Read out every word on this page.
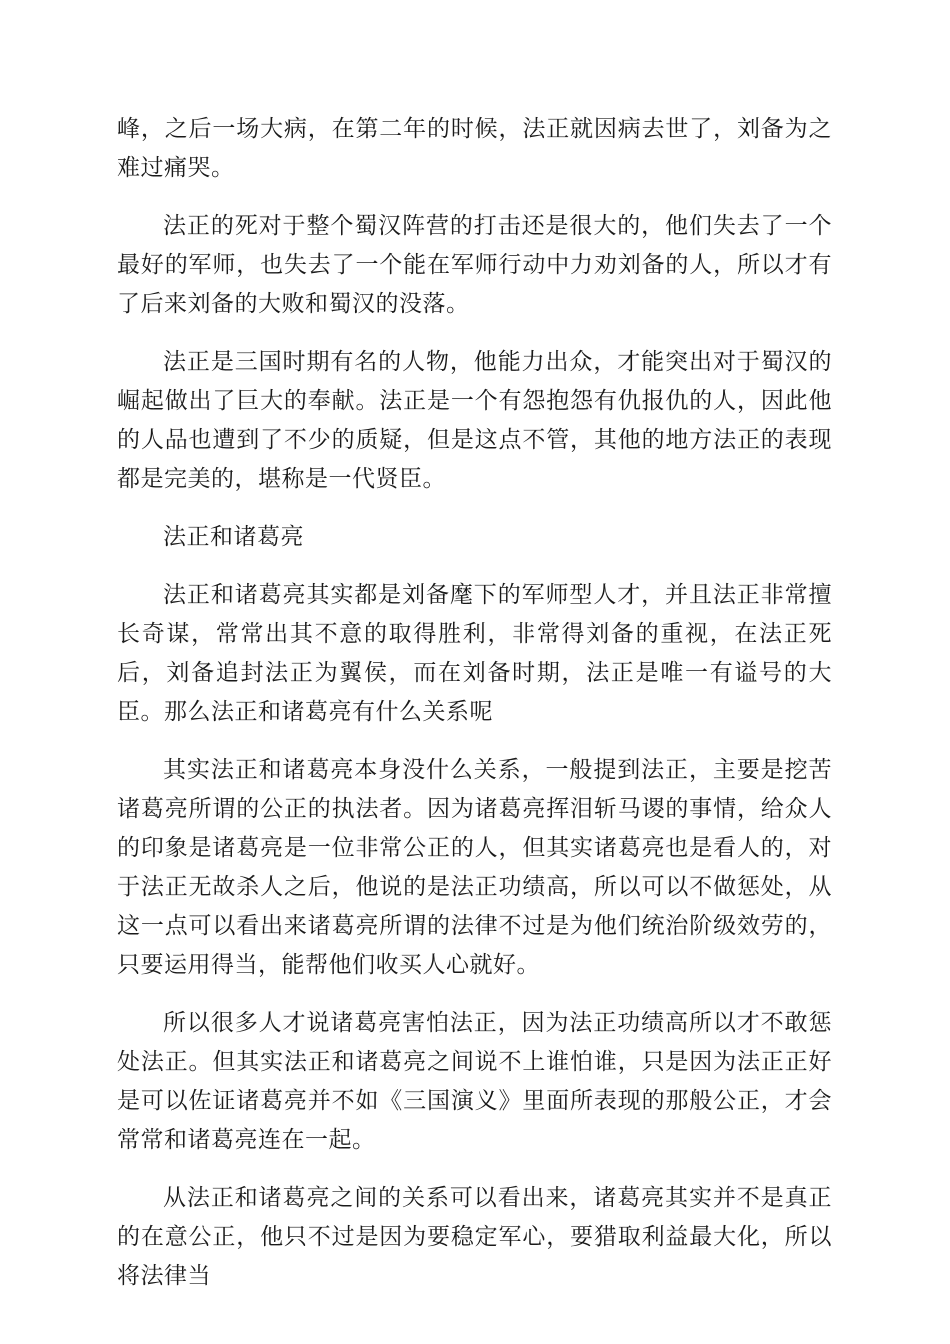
峰，之后一场大病，在第二年的时候，法正就因病去世了，刘备为之难过痛哭。

法正的死对于整个蜀汉阵营的打击还是很大的，他们失去了一个最好的军师，也失去了一个能在军师行动中力劝刘备的人，所以才有了后来刘备的大败和蜀汉的没落。

法正是三国时期有名的人物，他能力出众，才能突出对于蜀汉的崛起做出了巨大的奉献。法正是一个有怨抱怨有仇报仇的人，因此他的人品也遭到了不少的质疑，但是这点不管，其他的地方法正的表现都是完美的，堪称是一代贤臣。

法正和诸葛亮

法正和诸葛亮其实都是刘备麾下的军师型人才，并且法正非常擅长奇谋，常常出其不意的取得胜利，非常得刘备的重视，在法正死后，刘备追封法正为翼侯，而在刘备时期，法正是唯一有谥号的大臣。那么法正和诸葛亮有什么关系呢

其实法正和诸葛亮本身没什么关系，一般提到法正，主要是挖苦诸葛亮所谓的公正的执法者。因为诸葛亮挥泪斩马谡的事情，给众人的印象是诸葛亮是一位非常公正的人，但其实诸葛亮也是看人的，对于法正无故杀人之后，他说的是法正功绩高，所以可以不做惩处，从这一点可以看出来诸葛亮所谓的法律不过是为他们统治阶级效劳的，只要运用得当，能帮他们收买人心就好。

所以很多人才说诸葛亮害怕法正，因为法正功绩高所以才不敢惩处法正。但其实法正和诸葛亮之间说不上谁怕谁，只是因为法正正好是可以佐证诸葛亮并不如《三国演义》里面所表现的那般公正，才会常常和诸葛亮连在一起。

从法正和诸葛亮之间的关系可以看出来，诸葛亮其实并不是真正的在意公正，他只不过是因为要稳定军心，要猎取利益最大化，所以将法律当
